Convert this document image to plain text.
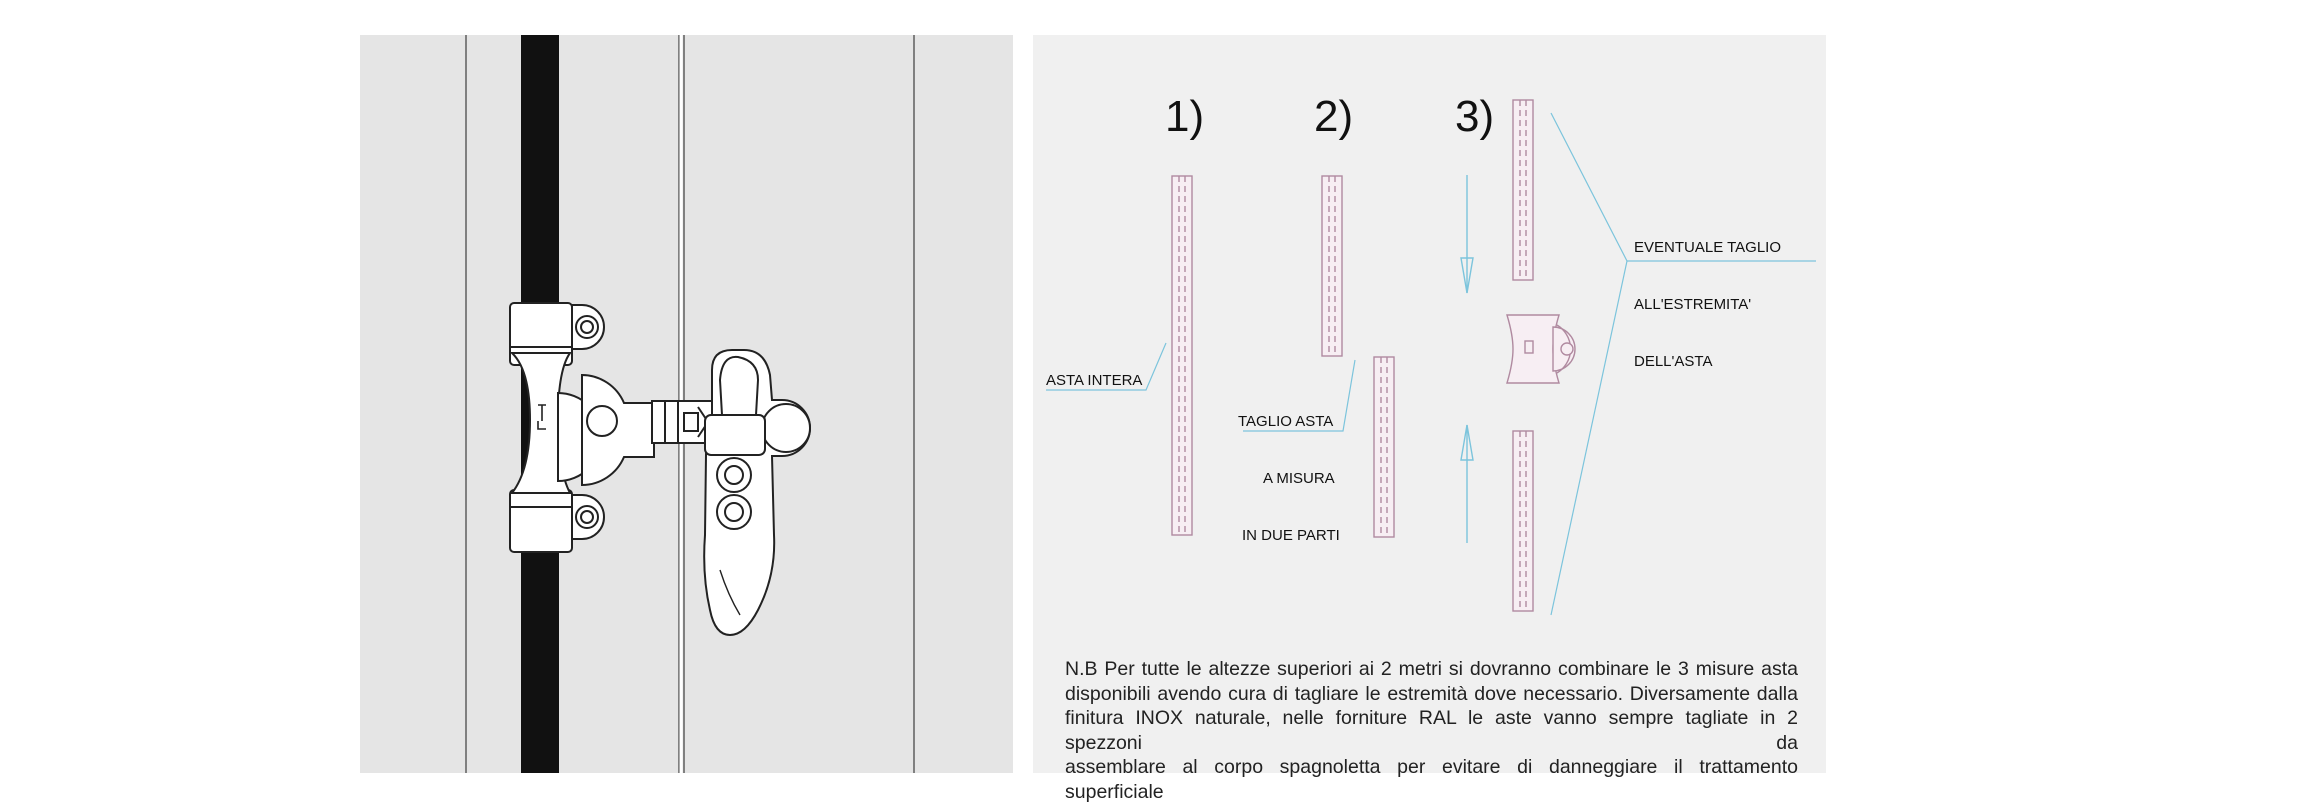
1) 2) 3)
ASTA INTERA

TAGLIO ASTA

A MISURA

IN DUE PARTI

EVENTUALE TAGLIO

ALL'ESTREMITA'

DELL'ASTA

N.B Per tutte le altezze superiori ai 2 metri si dovranno combinare le 3 misure asta
disponibili avendo cura di tagliare le estremità dove necessario. Diversamente dalla
finitura INOX naturale, nelle forniture RAL le aste vanno sempre tagliate in 2 spezzoni da
assemblare al corpo spagnoletta per evitare di danneggiare il trattamento superficiale
